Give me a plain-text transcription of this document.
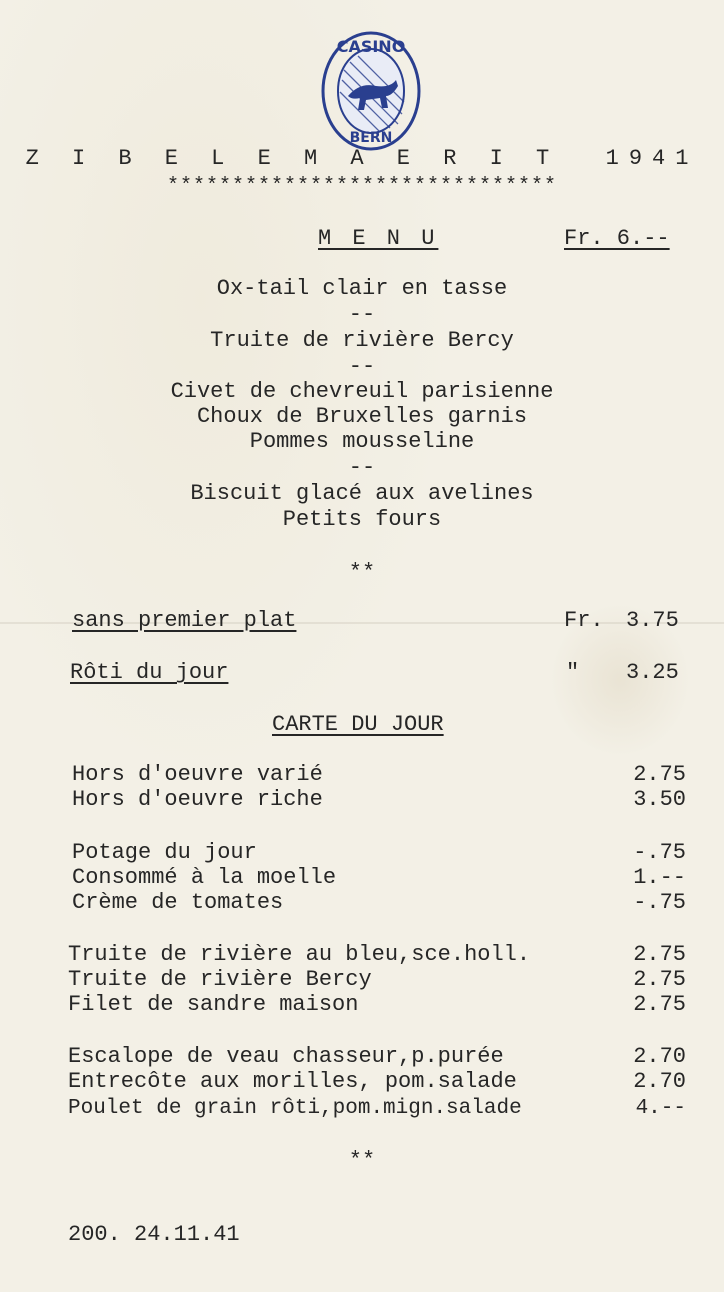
CASINO
BERN
Z I B E L E M A E R I T  1941
******************************
M E N U	Fr. 6.--
Ox-tail clair en tasse
--
Truite de rivière Bercy
--
Civet de chevreuil parisienne
Choux de Bruxelles garnis
Pommes mousseline
--
Biscuit glacé aux avelines
Petits fours
**
sans premier plat	Fr. 3.75
Rôti du jour	" 3.25
CARTE DU JOUR
Hors d'oeuvre varié	2.75
Hors d'oeuvre riche	3.50
Potage du jour	-.75
Consommé à la moelle	1.--
Crème de tomates	-.75
Truite de rivière au bleu,sce.holl.	2.75
Truite de rivière Bercy	2.75
Filet de sandre maison	2.75
Escalope de veau chasseur,p.purée	2.70
Entrecôte aux morilles, pom.salade	2.70
Poulet de grain rôti,pom.mign.salade	4.--
**
200. 24.11.41
